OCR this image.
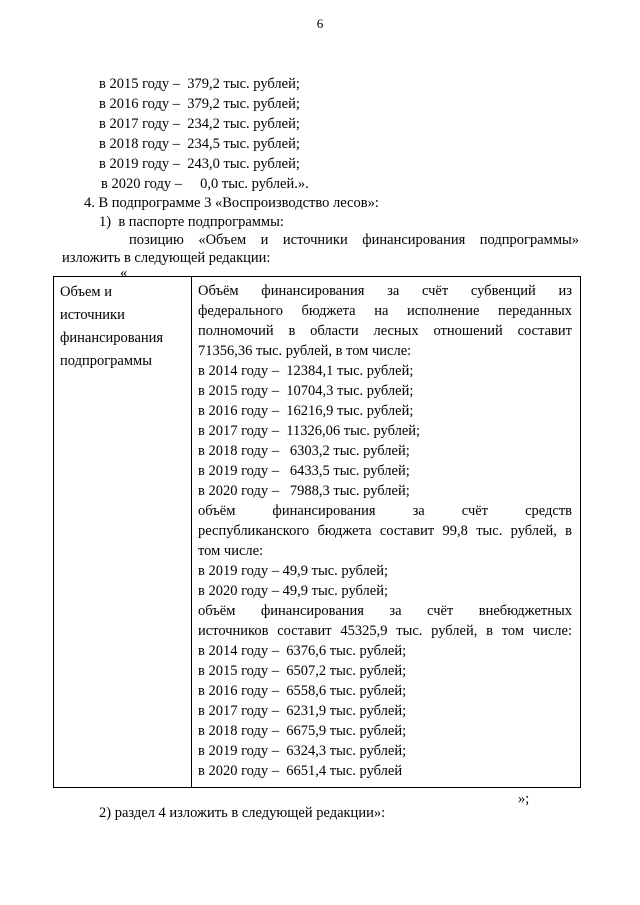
6
в 2015 году –  379,2 тыс. рублей;
в 2016 году –  379,2 тыс. рублей;
в 2017 году –  234,2 тыс. рублей;
в 2018 году –  234,5 тыс. рублей;
в 2019 году –  243,0 тыс. рублей;
в 2020 году –     0,0 тыс. рублей.».
4. В подпрограмме 3 «Воспроизводство лесов»:
1)  в паспорте подпрограммы:
позицию «Объем и источники финансирования подпрограммы»
изложить в следующей редакции:
«
Объем и
источники
финансирования
подпрограммы
Объём финансирования за счёт субвенций из
федерального бюджета на исполнение переданных
полномочий в области лесных отношений составит
71356,36 тыс. рублей, в том числе:
в 2014 году –  12384,1 тыс. рублей;
в 2015 году –  10704,3 тыс. рублей;
в 2016 году –  16216,9 тыс. рублей;
в 2017 году –  11326,06 тыс. рублей;
в 2018 году –   6303,2 тыс. рублей;
в 2019 году –   6433,5 тыс. рублей;
в 2020 году –   7988,3 тыс. рублей;
объём финансирования за счёт средств
республиканского бюджета составит 99,8 тыс. рублей, в
том числе:
в 2019 году – 49,9 тыс. рублей;
в 2020 году – 49,9 тыс. рублей;
объём финансирования за счёт внебюджетных
источников составит 45325,9 тыс. рублей, в том числе:
в 2014 году –  6376,6 тыс. рублей;
в 2015 году –  6507,2 тыс. рублей;
в 2016 году –  6558,6 тыс. рублей;
в 2017 году –  6231,9 тыс. рублей;
в 2018 году –  6675,9 тыс. рублей;
в 2019 году –  6324,3 тыс. рублей;
в 2020 году –  6651,4 тыс. рублей
»;
2) раздел 4 изложить в следующей редакции»:
